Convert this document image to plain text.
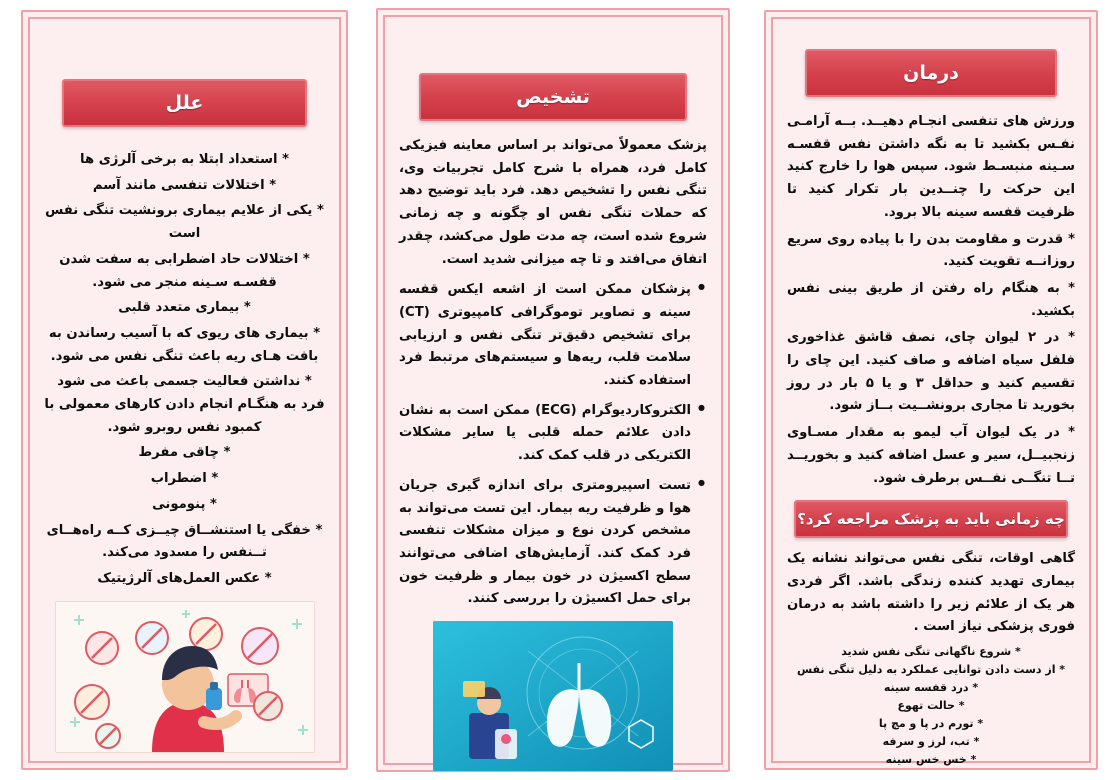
درمان

ورزش های تنفسی انجـام دهیــد. بــه آرامـی نفـس بکشید تا به نگه داشتن نفس قفسـه سـینه منبسـط شود. سپس هوا را خارج کنید این حرکت را چنــدین بار تکرار کنید تا ظرفیت قفسه سینه بالا برود.

* قدرت و مقاومت بدن را با پیاده روی سریع روزانــه تقویت کنید.

* به هنگام راه رفتن از طریق بینی نفس بکشید.

* در ۲ لیوان چای، نصف قاشق غذاخوری فلفل سیاه اضافه و صاف کنید. این چای را تقسیم کنید و حداقل ۳ و یا ۵ بار در روز بخورید تا مجاری برونشــیت بــاز شود.

* در یک لیوان آب لیمو به مقدار مسـاوی زنجبیــل، سیر و عسل اضافه کنید و بخوریــد تــا تنگــی نفــس برطرف شود.

چه زمانی باید به پزشک مراجعه کرد؟

گاهی اوقات، تنگی نفس می‌تواند نشانه یک بیماری تهدید کننده زندگی باشد. اگر فردی هر یک از علائم زیر را داشته باشد به درمان فوری پزشکی نیاز است .

* شروع ناگهانی تنگی نفس شدید
* از دست دادن توانایی عملکرد به دلیل تنگی نفس
* درد قفسه سینه
* حالت تهوع
* تورم در پا و مچ پا
* تب، لرز و سرفه
* خس خس سینه
تشخیص

پزشک معمولاً می‌تواند بر اساس معاینه فیزیکی کامل فرد، همراه با شرح کامل تجربیات وی، تنگی نفس را تشخیص دهد. فرد باید توضیح دهد که حملات تنگی نفس او چگونه و چه زمانی شروع شده است، چه مدت طول می‌کشد، چقدر اتفاق می‌افتد و تا چه میزانی شدید است.

● پزشکان ممکن است از اشعه ایکس قفسه سینه و تصاویر توموگرافی کامپیوتری (CT) برای تشخیص دقیق‌تر تنگی نفس و ارزیابی سلامت قلب، ریه‌ها و سیستم‌های مرتبط فرد استفاده کنند.
● الکتروکاردیوگرام (ECG) ممکن است به نشان دادن علائم حمله قلبی یا سایر مشکلات الکتریکی در قلب کمک کند.
● تست اسپیرومتری برای اندازه گیری جریان هوا و ظرفیت ریه بیمار. این تست می‌تواند به مشخص کردن نوع و میزان مشکلات تنفسی فرد کمک کند. آزمایش‌های اضافی می‌توانند سطح اکسیژن در خون بیمار و ظرفیت خون برای حمل اکسیژن را بررسی کنند.
علل
* استعداد ابتلا به برخی آلرژی ها
* اختلالات تنفسی مانند آسم
* یکی از علایم بیماری برونشیت تنگی نفس است
* اختلالات حاد اضطرابی به سفت شدن قفسـه سـینه منجر می شود.
* بیماری متعدد قلبی
* بیماری های ریوی که با آسیب رساندن به بافت هـای ریه باعث تنگی نفس می شود.
* نداشتن فعالیت جسمی باعث می شود فرد به هنگـام انجام دادن کارهای معمولی با کمبود نفس روبرو شود.
* چاقی مفرط
* اضطراب
* پنومونی
* خفگی یا استنشــاق چیــزی کــه راه‌هــای تــنفس را مسدود می‌کند.
* عکس العمل‌های آلرژیتیک
